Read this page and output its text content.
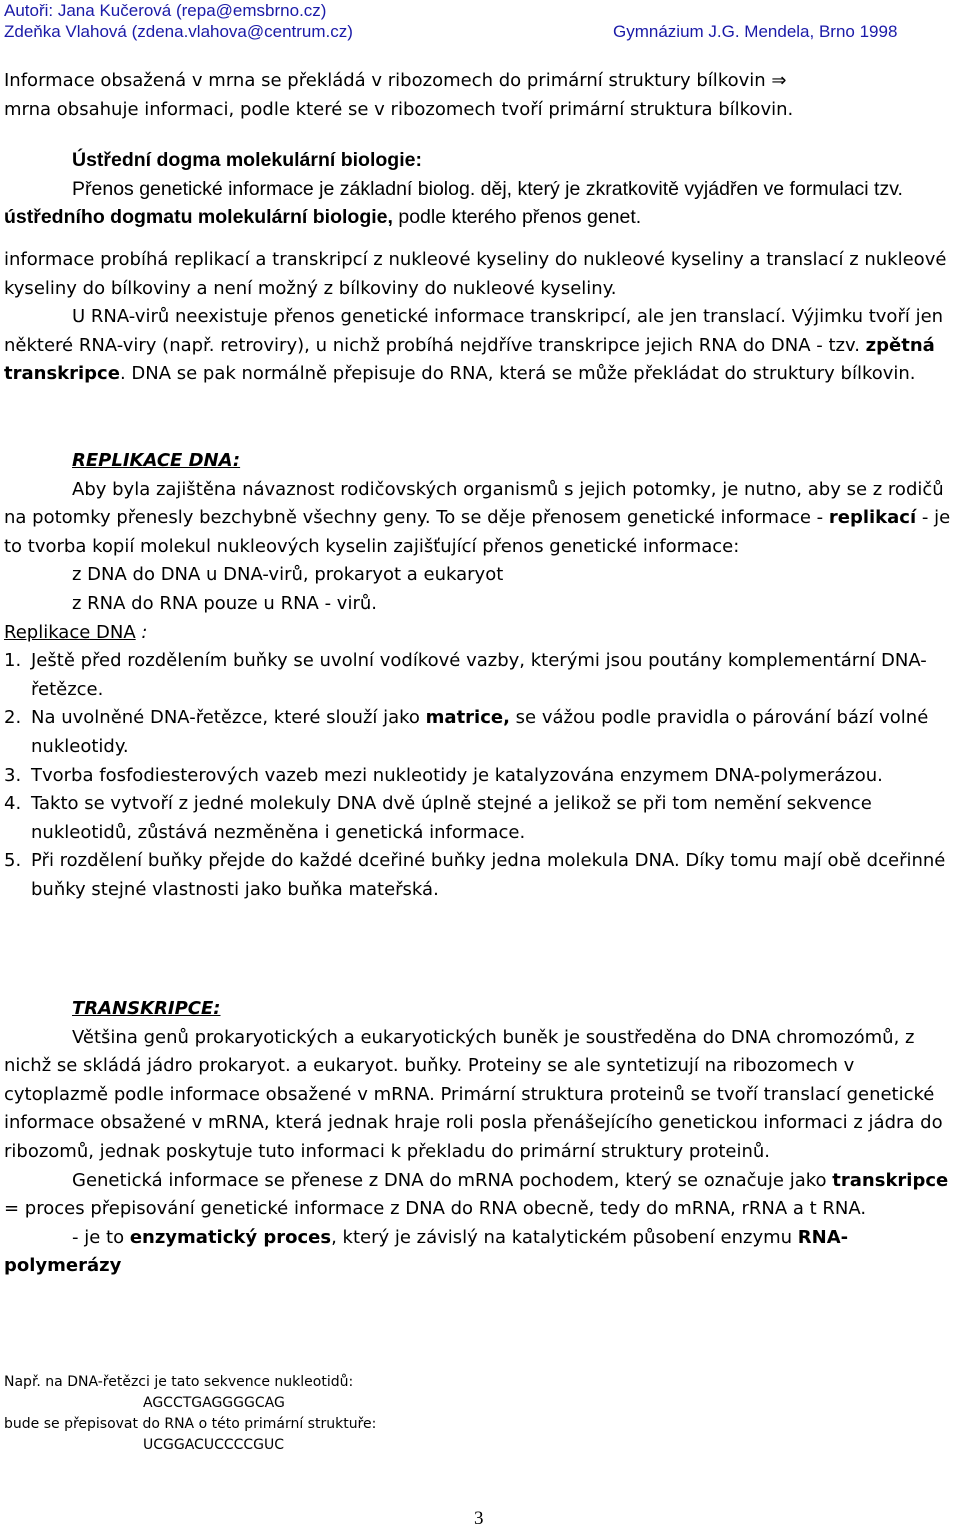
Autoři: Jana Kučerová (repa@emsbrno.cz)
Zdeňka Vlahová (zdena.vlahova@centrum.cz)	Gymnázium J.G. Mendela, Brno 1998

Informace obsažená v mrna se překládá v ribozomech do primární struktury bílkovin ⇒

mrna obsahuje informaci, podle které se v ribozomech tvoří primární struktura bílkovin.

Ústřední dogma molekulární biologie:

Přenos genetické informace je základní biolog. děj, který je zkratkovitě vyjádřen ve formulaci tzv. ústředního dogmatu molekulární biologie, podle kterého přenos genet.

informace probíhá replikací a transkripcí z nukleové kyseliny do nukleové kyseliny a translací z nukleové kyseliny do bílkoviny a není možný z bílkoviny do nukleové kyseliny.

U RNA-virů neexistuje přenos genetické informace transkripcí, ale jen translací. Výjimku tvoří jen některé RNA-viry (např. retroviry), u nichž probíhá nejdříve transkripce jejich RNA do DNA - tzv. zpětná transkripce. DNA se pak normálně přepisuje do RNA, která se může překládat do struktury bílkovin.

REPLIKACE DNA:

Aby byla zajištěna návaznost rodičovských organismů s jejich potomky, je nutno, aby se z rodičů na potomky přenesly bezchybně všechny geny. To se děje přenosem genetické informace - replikací - je to tvorba kopií molekul nukleových kyselin zajišťující přenos genetické informace:

z DNA do DNA u DNA-virů, prokaryot a eukaryot

z RNA do RNA pouze u RNA - virů.

Replikace DNA :

1. Ještě před rozdělením buňky se uvolní vodíkové vazby, kterými jsou poutány komplementární DNA-řetězce.
2. Na uvolněné DNA-řetězce, které slouží jako matrice, se vážou podle pravidla o párování bází volné nukleotidy.
3. Tvorba fosfodiesterových vazeb mezi nukleotidy je katalyzována enzymem DNA-polymerázou.
4. Takto se vytvoří z jedné molekuly DNA dvě úplně stejné a jelikož se při tom nemění sekvence nukleotidů, zůstává nezměněna i genetická informace.
5. Při rozdělení buňky přejde do každé dceřiné buňky jedna molekula DNA. Díky tomu mají obě dceřinné buňky stejné vlastnosti jako buňka mateřská.

TRANSKRIPCE:

Většina genů prokaryotických a eukaryotických buněk je soustředěna do DNA chromozómů, z nichž se skládá jádro prokaryot. a eukaryot. buňky. Proteiny se ale syntetizují na ribozomech v cytoplazmě podle informace obsažené v mRNA. Primární struktura proteinů se tvoří translací genetické informace obsažené v mRNA, která jednak hraje roli posla přenášejícího genetickou informaci z jádra do ribozomů, jednak poskytuje tuto informaci k překladu do primární struktury proteinů.

Genetická informace se přenese z DNA do mRNA pochodem, který se označuje jako transkripce = proces přepisování genetické informace z DNA do RNA obecně, tedy do mRNA, rRNA a t RNA.

- je to enzymatický proces, který je závislý na katalytickém působení enzymu RNA- polymerázy

Např. na DNA-řetězci je tato sekvence nukleotidů:
AGCCTGAGGGGCAG
bude se přepisovat do RNA o této primární struktuře:
UCGGACUCCCCGUC
3
